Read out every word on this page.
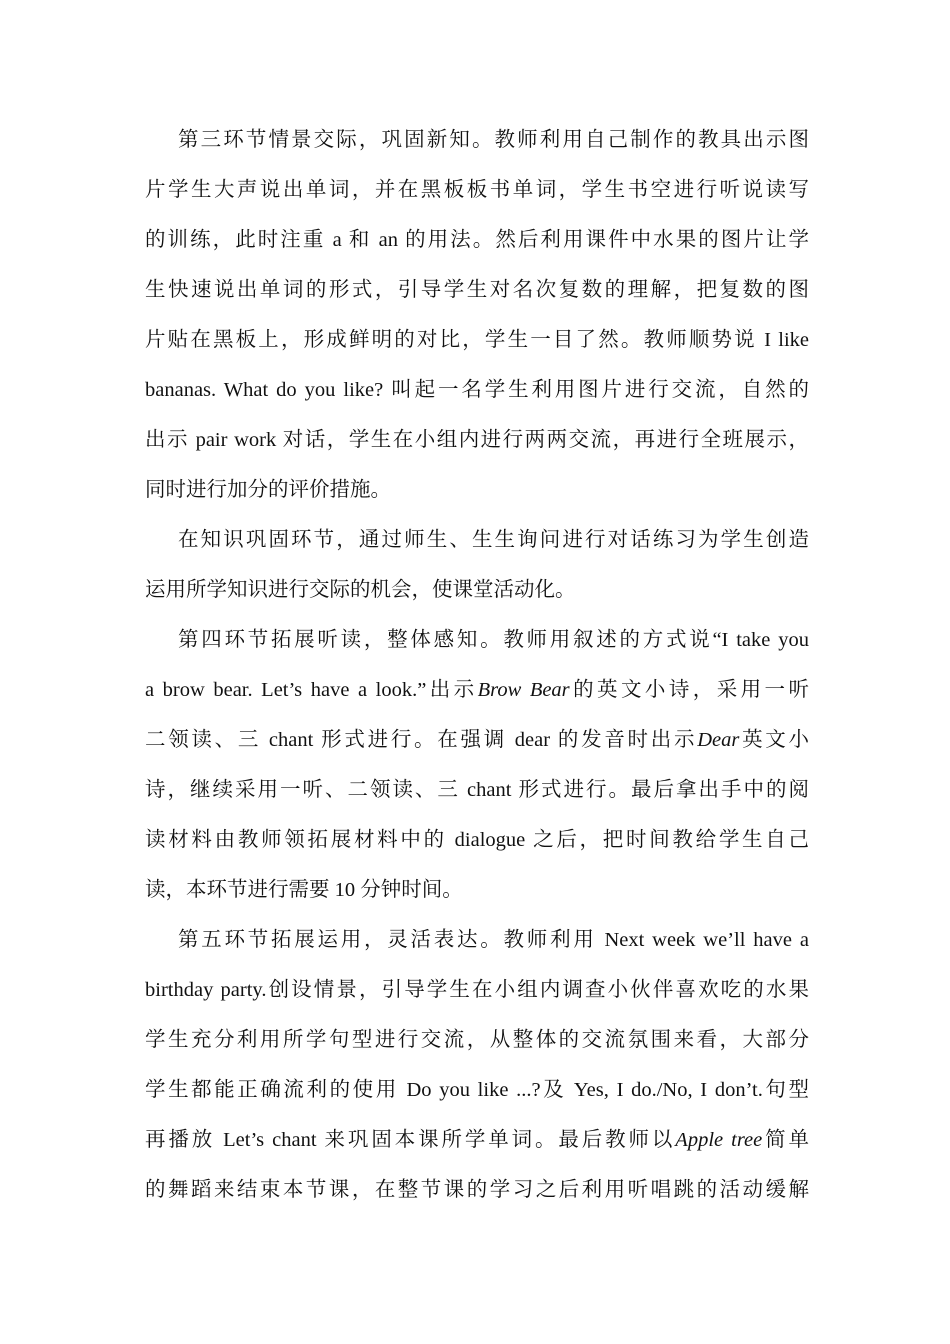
第三环节情景交际，巩固新知。教师利用自己制作的教具出示图
片学生大声说出单词，并在黑板板书单词，学生书空进行听说读写
的训练，此时注重 a 和 an 的用法。然后利用课件中水果的图片让学
生快速说出单词的形式，引导学生对名次复数的理解，把复数的图
片贴在黑板上，形成鲜明的对比，学生一目了然。教师顺势说 I like
bananas. What do you like? 叫起一名学生利用图片进行交流，自然的
出示 pair work 对话，学生在小组内进行两两交流，再进行全班展示，
同时进行加分的评价措施。
在知识巩固环节，通过师生、生生询问进行对话练习为学生创造
运用所学知识进行交际的机会，使课堂活动化。
第四环节拓展听读，整体感知。教师用叙述的方式说“I take you
a brow bear. Let’s have a look.”出示Brow Bear的英文小诗，采用一听
二领读、三 chant 形式进行。在强调 dear 的发音时出示Dear英文小
诗，继续采用一听、二领读、三 chant 形式进行。最后拿出手中的阅
读材料由教师领拓展材料中的 dialogue 之后，把时间教给学生自己
读，本环节进行需要 10 分钟时间。
第五环节拓展运用，灵活表达。教师利用 Next week we’ll have a
birthday party.创设情景，引导学生在小组内调查小伙伴喜欢吃的水果
学生充分利用所学句型进行交流，从整体的交流氛围来看，大部分
学生都能正确流利的使用 Do you like ...?及 Yes, I do./No, I don’t.句型
再播放 Let’s chant 来巩固本课所学单词。最后教师以Apple tree简单
的舞蹈来结束本节课，在整节课的学习之后利用听唱跳的活动缓解
